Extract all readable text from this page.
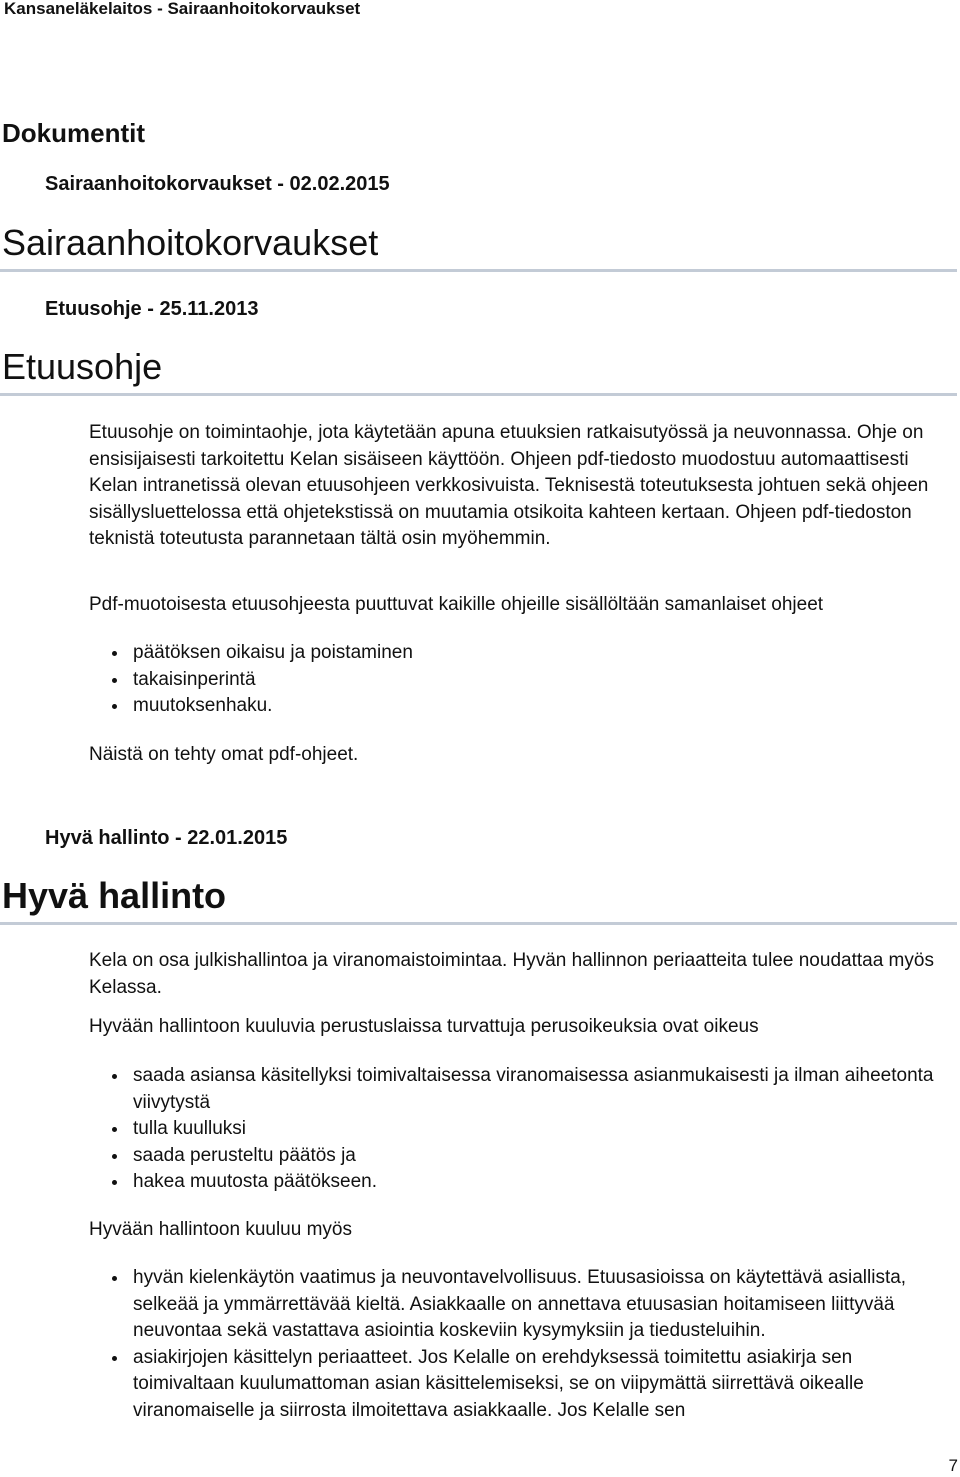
Kansaneläkelaitos - Sairaanhoitokorvaukset
Dokumentit
Sairaanhoitokorvaukset - 02.02.2015
Sairaanhoitokorvaukset
Etuusohje - 25.11.2013
Etuusohje

Etuusohje on toimintaohje, jota käytetään apuna etuuksien ratkaisutyössä ja neuvonnassa. Ohje on ensisijaisesti tarkoitettu Kelan sisäiseen käyttöön. Ohjeen pdf-tiedosto muodostuu automaattisesti Kelan intranetissä olevan etuusohjeen verkkosivuista. Teknisestä toteutuksesta johtuen sekä ohjeen sisällysluettelossa että ohjetekstissä on muutamia otsikoita kahteen kertaan. Ohjeen pdf-tiedoston teknistä toteutusta parannetaan tältä osin myöhemmin.

Pdf-muotoisesta etuusohjeesta puuttuvat kaikille ohjeille sisällöltään samanlaiset ohjeet

päätöksen oikaisu ja poistaminen
takaisinperintä
muutoksenhaku.

Näistä on tehty omat pdf-ohjeet.

Hyvä hallinto - 22.01.2015
Hyvä hallinto

Kela on osa julkishallintoa ja viranomaistoimintaa. Hyvän hallinnon periaatteita tulee noudattaa myös Kelassa.

Hyvään hallintoon kuuluvia perustuslaissa turvattuja perusoikeuksia ovat oikeus

saada asiansa käsitellyksi toimivaltaisessa viranomaisessa asianmukaisesti ja ilman aiheetonta viivytystä
tulla kuulluksi
saada perusteltu päätös ja
hakea muutosta päätökseen.

Hyvään hallintoon kuuluu myös

hyvän kielenkäytön vaatimus ja neuvontavelvollisuus. Etuusasioissa on käytettävä asiallista, selkeää ja ymmärrettävää kieltä. Asiakkaalle on annettava etuusasian hoitamiseen liittyvää neuvontaa sekä vastattava asiointia koskeviin kysymyksiin ja tiedusteluihin.
asiakirjojen käsittelyn periaatteet. Jos Kelalle on erehdyksessä toimitettu asiakirja sen toimivaltaan kuulumattoman asian käsittelemiseksi, se on viipymättä siirrettävä oikealle viranomaiselle ja siirrosta ilmoitettava asiakkaalle. Jos Kelalle sen
7
